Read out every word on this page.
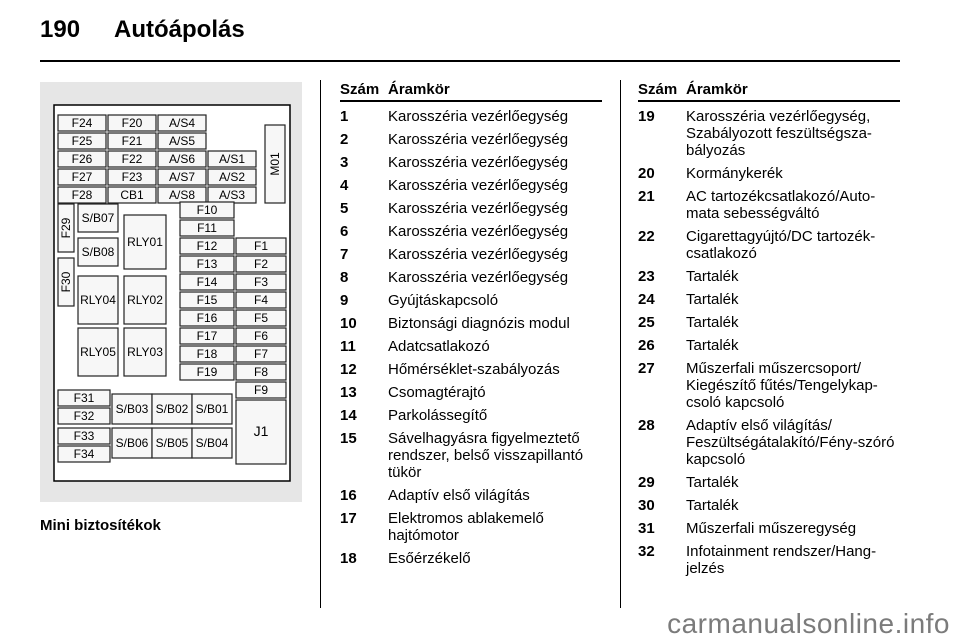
190 Autóápolás
F24 F20 A/S4
F25 F21 A/S5
F26 F22 A/S6 A/S1
F27 F23 A/S7 A/S2
F28 CB1 A/S8 A/S3
M01
F29
F30
S/B07
S/B08
RLY01
RLY04 RLY02
RLY05 RLY03
F10
F11
F12	F1
F13	F2
F14	F3
F15	F4
F16	F5
F17	F6
F18	F7
F19	F8
F9
F31
F32
F33
F34
S/B03 S/B02 S/B01
S/B06 S/B05 S/B04
J1
Mini biztosítékok
Szám Áramkör
1	Karosszéria vezérlőegység
2	Karosszéria vezérlőegység
3	Karosszéria vezérlőegység
4	Karosszéria vezérlőegység
5	Karosszéria vezérlőegység
6	Karosszéria vezérlőegység
7	Karosszéria vezérlőegység
8	Karosszéria vezérlőegység
9	Gyújtáskapcsoló
10	Biztonsági diagnózis modul
11	Adatcsatlakozó
12	Hőmérséklet-szabályozás
13	Csomagtérajtó
14	Parkolássegítő
15	Sávelhagyásra figyelmeztető rendszer, belső visszapillantó tükör
16	Adaptív első világítás
17	Elektromos ablakemelő hajtómotor
18	Esőérzékelő
Szám Áramkör
19	Karosszéria vezérlőegység, Szabályozott feszültségsza-bályozás
20	Kormánykerék
21	AC tartozékcsatlakozó/Auto-mata sebességváltó
22	Cigarettagyújtó/DC tartozék-csatlakozó
23	Tartalék
24	Tartalék
25	Tartalék
26	Tartalék
27	Műszerfali műszercsoport/ Kiegészítő fűtés/Tengelykap-csoló kapcsoló
28	Adaptív első világítás/ Feszültségátalakító/Fény-szóró kapcsoló
29	Tartalék
30	Tartalék
31	Műszerfali műszeregység
32	Infotainment rendszer/Hang-jelzés
carmanualsonline.info
